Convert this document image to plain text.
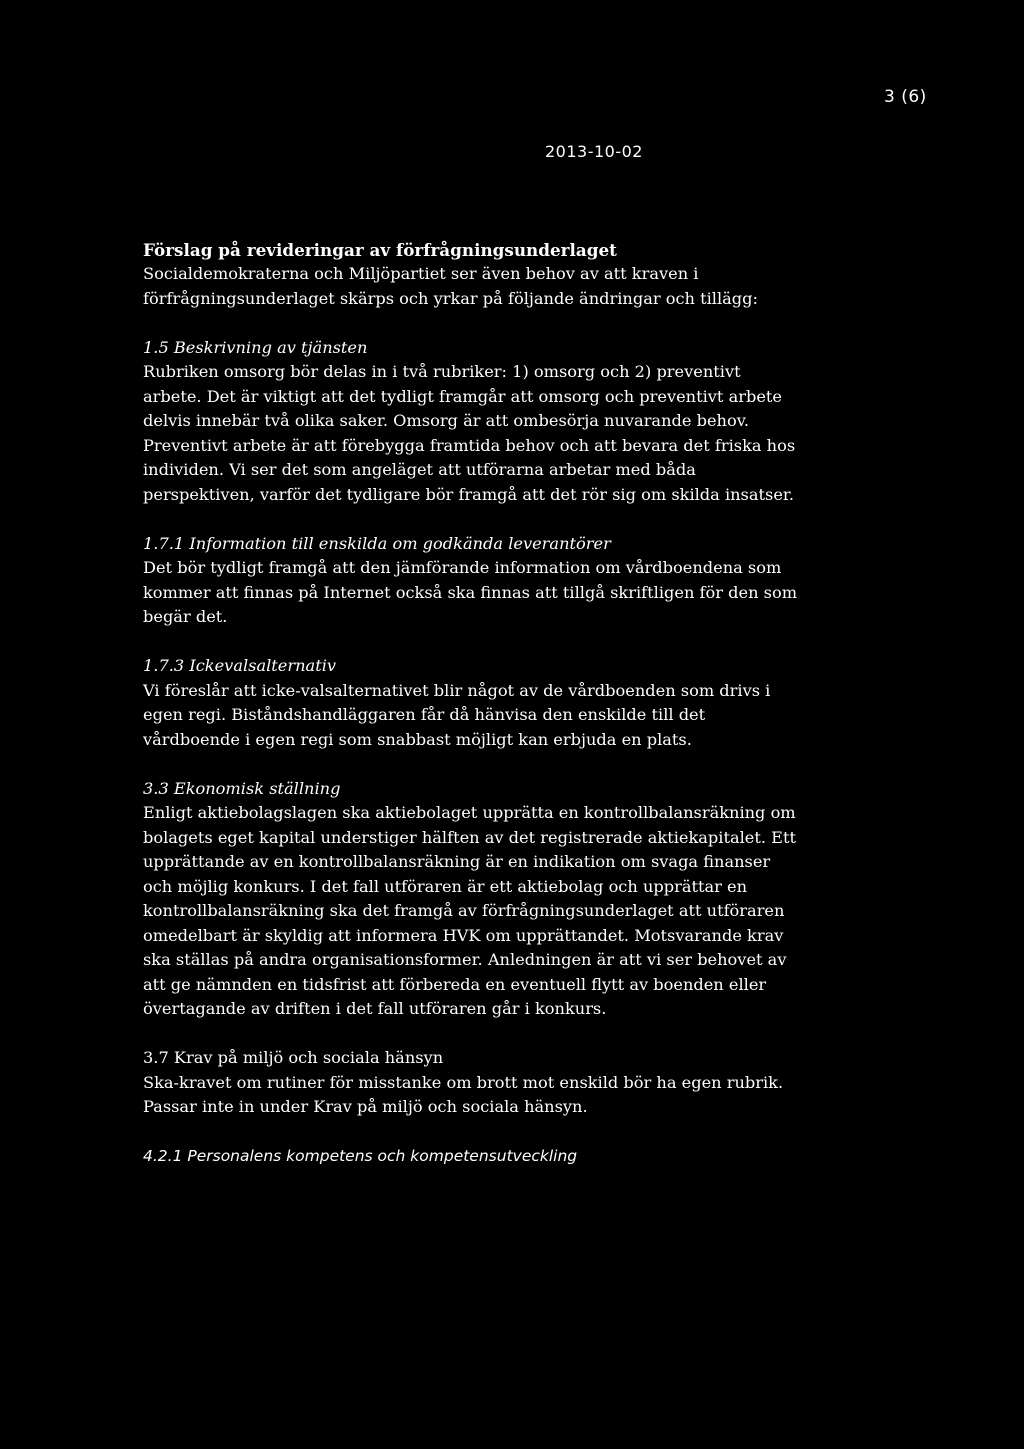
3 (6)
2013-10-02

Förslag på revideringar av förfrågningsunderlaget
Socialdemokraterna och Miljöpartiet ser även behov av att kraven i förfrågningsunderlaget skärps och yrkar på följande ändringar och tillägg:

1.5 Beskrivning av tjänsten
Rubriken omsorg bör delas in i två rubriker: 1) omsorg och 2) preventivt arbete. Det är viktigt att det tydligt framgår att omsorg och preventivt arbete delvis innebär två olika saker. Omsorg är att ombesörja nuvarande behov. Preventivt arbete är att förebygga framtida behov och att bevara det friska hos individen. Vi ser det som angeläget att utförarna arbetar med båda perspektiven, varför det tydligare bör framgå att det rör sig om skilda insatser.

1.7.1 Information till enskilda om godkända leverantörer
Det bör tydligt framgå att den jämförande information om vårdboendena som kommer att finnas på Internet också ska finnas att tillgå skriftligen för den som begär det.

1.7.3 Ickevalsalternativ
Vi föreslår att icke-valsalternativet blir något av de vårdboenden som drivs i egen regi. Biståndshandläggaren får då hänvisa den enskilde till det vårdboende i egen regi som snabbast möjligt kan erbjuda en plats.

3.3 Ekonomisk ställning
Enligt aktiebolagslagen ska aktiebolaget upprätta en kontrollbalansräkning om bolagets eget kapital understiger hälften av det registrerade aktiekapitalet. Ett upprättande av en kontrollbalansräkning är en indikation om svaga finanser och möjlig konkurs. I det fall utföraren är ett aktiebolag och upprättar en kontrollbalansräkning ska det framgå av förfrågningsunderlaget att utföraren omedelbart är skyldig att informera HVK om upprättandet. Motsvarande krav ska ställas på andra organisationsformer. Anledningen är att vi ser behovet av att ge nämnden en tidsfrist att förbereda en eventuell flytt av boenden eller övertagande av driften i det fall utföraren går i konkurs.

3.7 Krav på miljö och sociala hänsyn
Ska-kravet om rutiner för misstanke om brott mot enskild bör ha egen rubrik. Passar inte in under Krav på miljö och sociala hänsyn.

4.2.1 Personalens kompetens och kompetensutveckling
